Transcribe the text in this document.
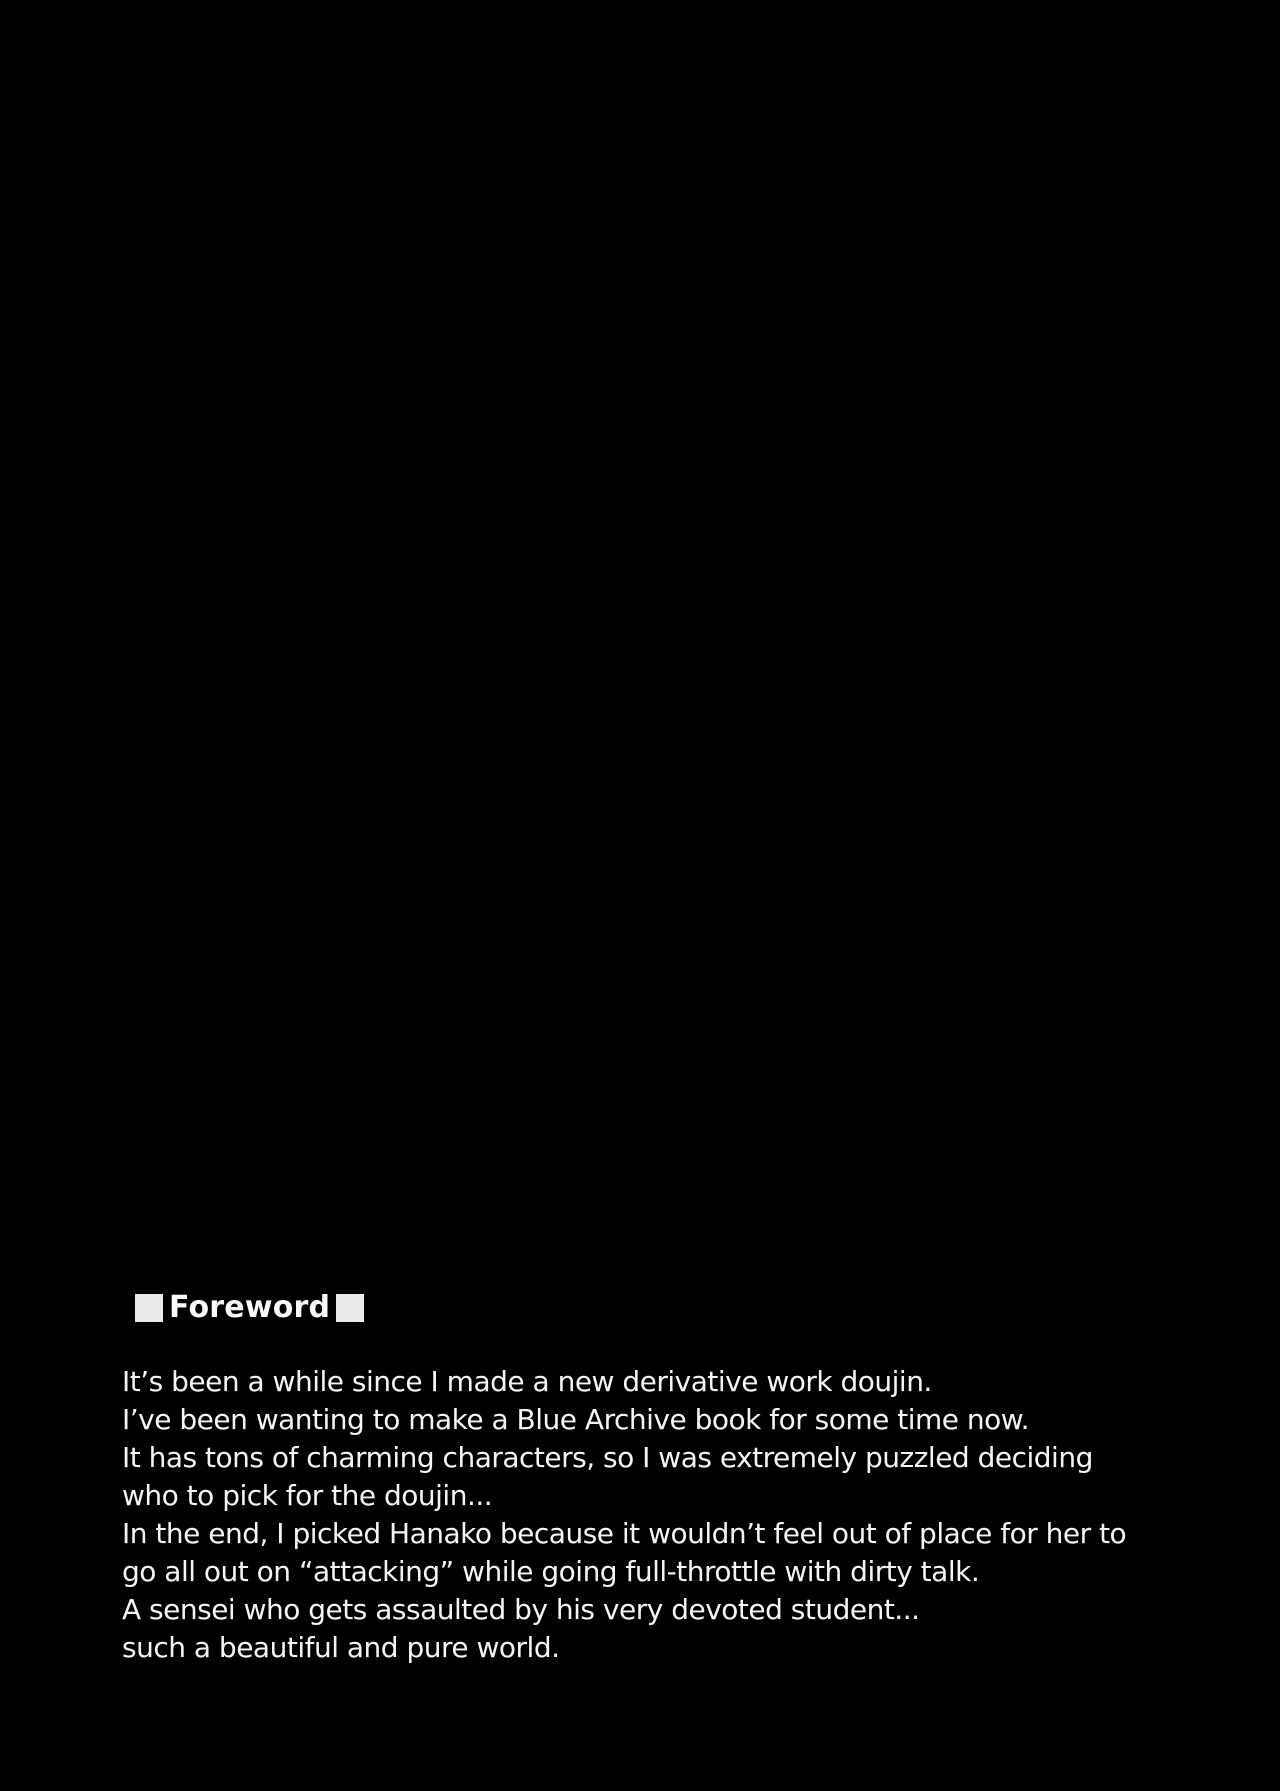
Foreword
It’s been a while since I made a new derivative work doujin.
I’ve been wanting to make a Blue Archive book for some time now.
It has tons of charming characters, so I was extremely puzzled deciding
who to pick for the doujin...
In the end, I picked Hanako because it wouldn’t feel out of place for her to
go all out on “attacking” while going full-throttle with dirty talk.
A sensei who gets assaulted by his very devoted student...
such a beautiful and pure world.
